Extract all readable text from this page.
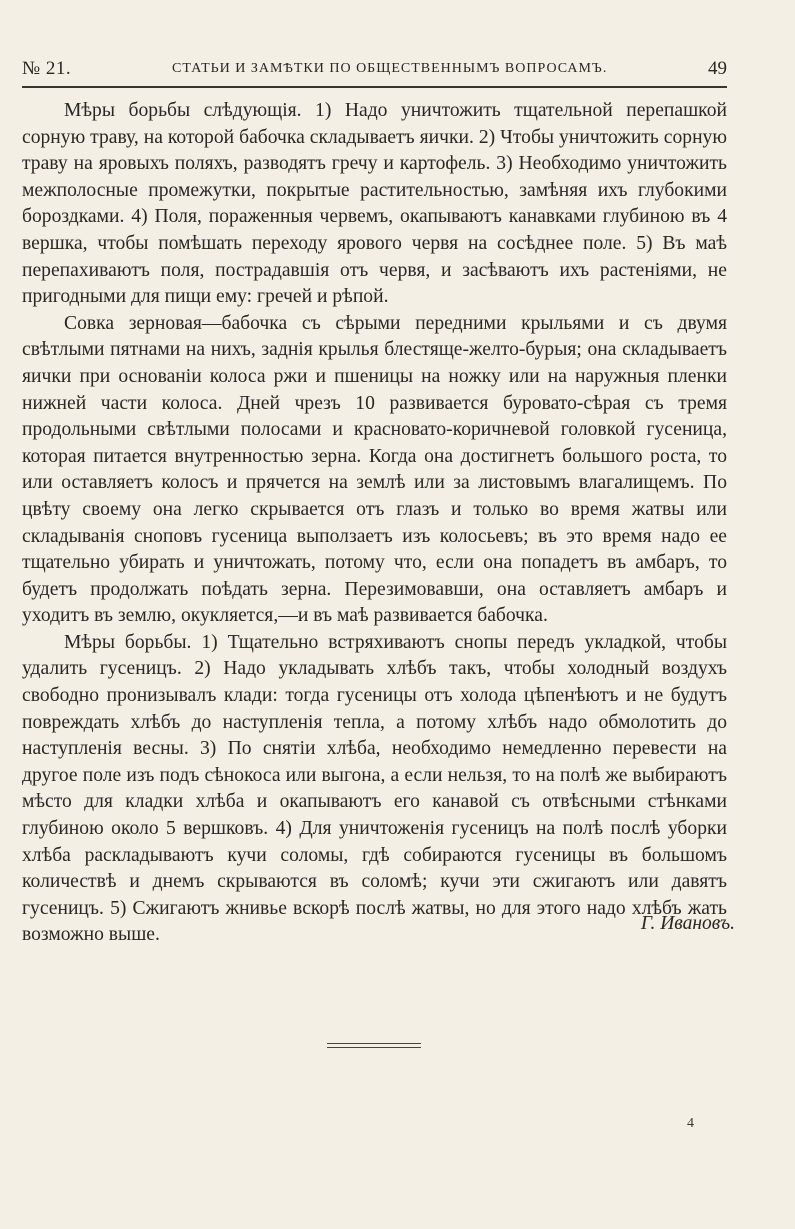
№ 21.	СТАТЬИ И ЗАМѢТКИ ПО ОБЩЕСТВЕННЫМЪ ВОПРОСАМЪ.	49

Мѣры борьбы слѣдующія. 1) Надо уничтожить тщательной перепашкой сорную траву, на которой бабочка складываетъ яички. 2) Чтобы уничтожить сорную траву на яровыхъ поляхъ, разводятъ гречу и картофель. 3) Необходимо уничтожить межполосные промежутки, покрытые растительностью, замѣняя ихъ глубокими бороздками. 4) Поля, пораженныя червемъ, окапываютъ канавками глубиною въ 4 вершка, чтобы помѣшать переходу ярового червя на сосѣднее поле. 5) Въ маѣ перепахиваютъ поля, пострадавшія отъ червя, и засѣваютъ ихъ растеніями, не пригодными для пищи ему: гречей и рѣпой.

Совка зерновая—бабочка съ сѣрыми передними крыльями и съ двумя свѣтлыми пятнами на нихъ, заднія крылья блестяще-желто-бурыя; она складываетъ яички при основаніи колоса ржи и пшеницы на ножку или на наружныя пленки нижней части колоса. Дней чрезъ 10 развивается буровато-сѣрая съ тремя продольными свѣтлыми полосами и красновато-коричневой головкой гусеница, которая питается внутренностью зерна. Когда она достигнетъ большого роста, то или оставляетъ колосъ и прячется на землѣ или за листовымъ влагалищемъ. По цвѣту своему она легко скрывается отъ глазъ и только во время жатвы или складыванія сноповъ гусеница выползаетъ изъ колосьевъ; въ это время надо ее тщательно убирать и уничтожать, потому что, если она попадетъ въ амбаръ, то будетъ продолжать поѣдать зерна. Перезимовавши, она оставляетъ амбаръ и уходитъ въ землю, окукляется,—и въ маѣ развивается бабочка.

Мѣры борьбы. 1) Тщательно встряхиваютъ снопы передъ укладкой, чтобы удалить гусеницъ. 2) Надо укладывать хлѣбъ такъ, чтобы холодный воздухъ свободно пронизывалъ клади: тогда гусеницы отъ холода цѣпенѣютъ и не будутъ повреждать хлѣбъ до наступленія тепла, а потому хлѣбъ надо обмолотить до наступленія весны. 3) По снятіи хлѣба, необходимо немедленно перевести на другое поле изъ подъ сѣнокоса или выгона, а если нельзя, то на полѣ же выбираютъ мѣсто для кладки хлѣба и окапываютъ его канавой съ отвѣсными стѣнками глубиною около 5 вершковъ. 4) Для уничтоженія гусеницъ на полѣ послѣ уборки хлѣба раскладываютъ кучи соломы, гдѣ собираются гусеницы въ большомъ количествѣ и днемъ скрываются въ соломѣ; кучи эти сжигаютъ или давятъ гусеницъ. 5) Сжигаютъ жнивье вскорѣ послѣ жатвы, но для этого надо хлѣбъ жать возможно выше.

Г. Ивановъ.
4
